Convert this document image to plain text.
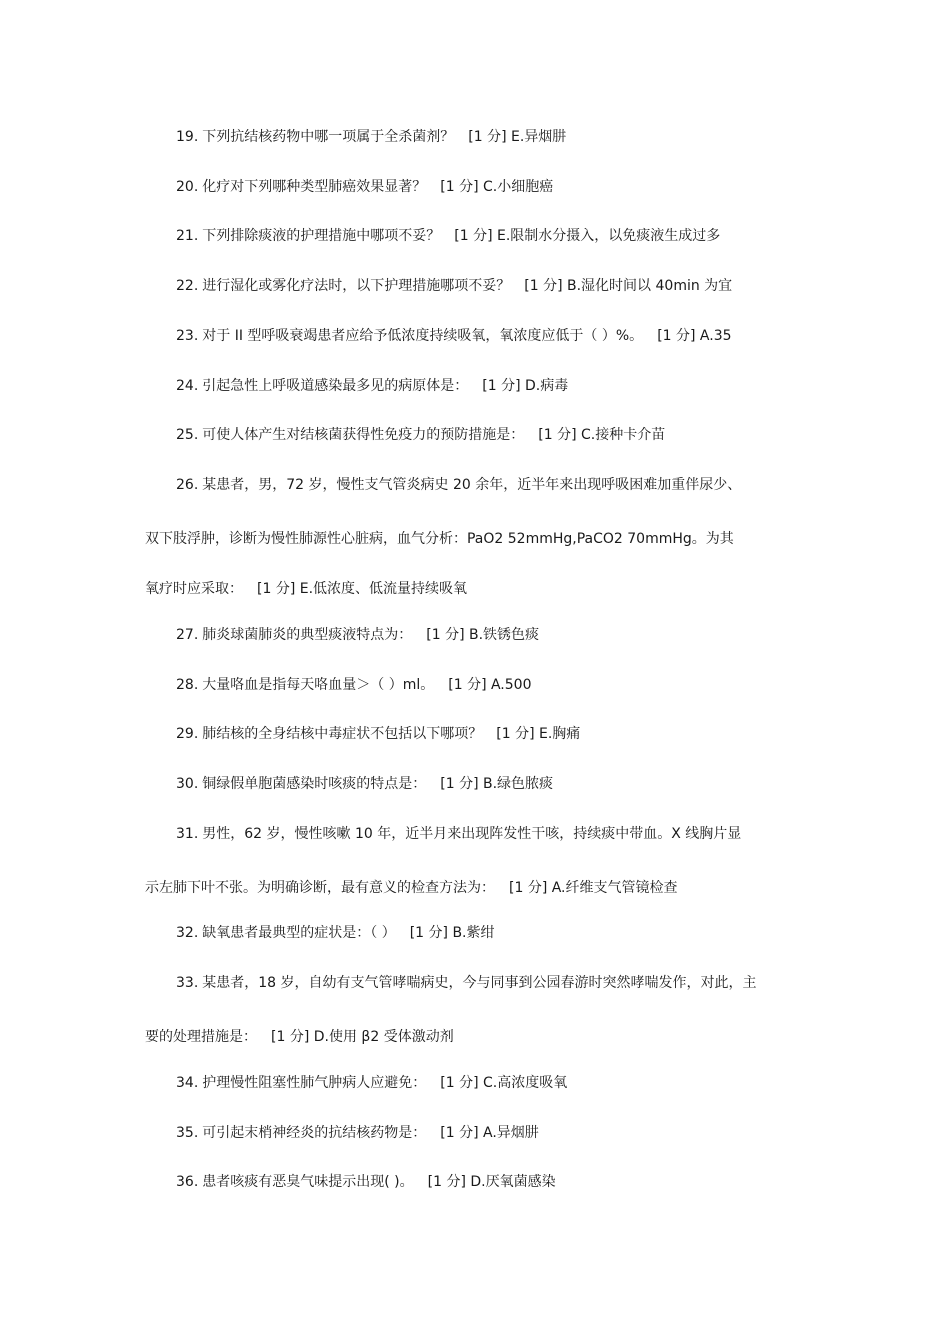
19. 下列抗结核药物中哪一项属于全杀菌剂？ [1 分] E.异烟肼
20. 化疗对下列哪种类型肺癌效果显著？ [1 分] C.小细胞癌
21. 下列排除痰液的护理措施中哪项不妥？ [1 分] E.限制水分摄入，以免痰液生成过多
22. 进行湿化或雾化疗法时，以下护理措施哪项不妥？ [1 分] B.湿化时间以 40min 为宜
23. 对于 II 型呼吸衰竭患者应给予低浓度持续吸氧，氧浓度应低于（ ）%。 [1 分] A.35
24. 引起急性上呼吸道感染最多见的病原体是： [1 分] D.病毒
25. 可使人体产生对结核菌获得性免疫力的预防措施是： [1 分] C.接种卡介苗
26. 某患者，男，72 岁，慢性支气管炎病史 20 余年，近半年来出现呼吸困难加重伴尿少、
双下肢浮肿，诊断为慢性肺源性心脏病，血气分析：PaO2 52mmHg,PaCO2 70mmHg。为其
氧疗时应采取： [1 分] E.低浓度、低流量持续吸氧
27. 肺炎球菌肺炎的典型痰液特点为： [1 分] B.铁锈色痰
28. 大量咯血是指每天咯血量＞（ ）ml。 [1 分] A.500
29. 肺结核的全身结核中毒症状不包括以下哪项？ [1 分] E.胸痛
30. 铜绿假单胞菌感染时咳痰的特点是： [1 分] B.绿色脓痰
31. 男性，62 岁，慢性咳嗽 10 年，近半月来出现阵发性干咳，持续痰中带血。X 线胸片显
示左肺下叶不张。为明确诊断，最有意义的检查方法为： [1 分] A.纤维支气管镜检查
32. 缺氧患者最典型的症状是：（ ） [1 分] B.紫绀
33. 某患者，18 岁，自幼有支气管哮喘病史，今与同事到公园春游时突然哮喘发作，对此，主
要的处理措施是： [1 分] D.使用 β2 受体激动剂
34. 护理慢性阻塞性肺气肿病人应避免： [1 分] C.高浓度吸氧
35. 可引起末梢神经炎的抗结核药物是： [1 分] A.异烟肼
36. 患者咳痰有恶臭气味提示出现( )。 [1 分] D.厌氧菌感染
